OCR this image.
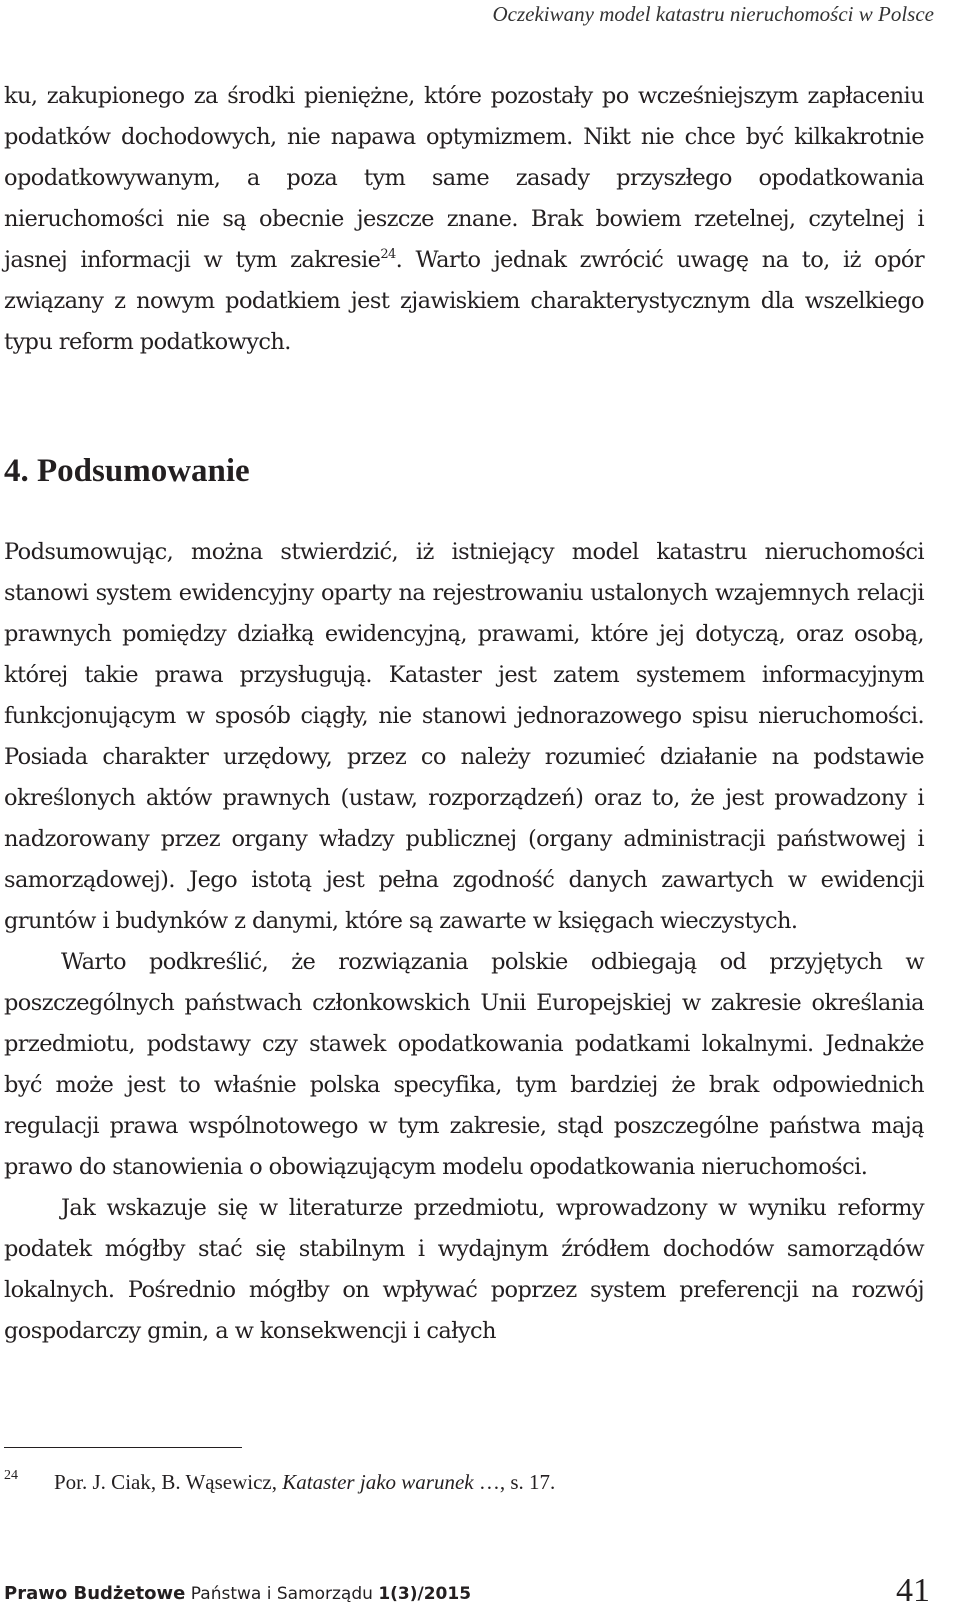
Oczekiwany model katastru nieruchomości w Polsce

ku, zakupionego za środki pieniężne, które pozostały po wcześniejszym zapłaceniu podatków dochodowych, nie napawa optymizmem. Nikt nie chce być kilkakrotnie opodatkowywanym, a poza tym same zasady przyszłego opodatkowania nieruchomości nie są obecnie jeszcze znane. Brak bowiem rzetelnej, czytelnej i jasnej informacji w tym zakresie$^{24}$. Warto jednak zwrócić uwagę na to, iż opór związany z nowym podatkiem jest zjawiskiem charakterystycznym dla wszelkiego typu reform podatkowych.

4. Podsumowanie

Podsumowując, można stwierdzić, iż istniejący model katastru nieruchomości stanowi system ewidencyjny oparty na rejestrowaniu ustalonych wzajemnych relacji prawnych pomiędzy działką ewidencyjną, prawami, które jej dotyczą, oraz osobą, której takie prawa przysługują. Kataster jest zatem systemem informacyjnym funkcjonującym w sposób ciągły, nie stanowi jednorazowego spisu nieruchomości. Posiada charakter urzędowy, przez co należy rozumieć działanie na podstawie określonych aktów prawnych (ustaw, rozporządzeń) oraz to, że jest prowadzony i nadzorowany przez organy władzy publicznej (organy administracji państwowej i samorządowej). Jego istotą jest pełna zgodność danych zawartych w ewidencji gruntów i budynków z danymi, które są zawarte w księgach wieczystych.

Warto podkreślić, że rozwiązania polskie odbiegają od przyjętych w poszczególnych państwach członkowskich Unii Europejskiej w zakresie określania przedmiotu, podstawy czy stawek opodatkowania podatkami lokalnymi. Jednakże być może jest to właśnie polska specyfika, tym bardziej że brak odpowiednich regulacji prawa wspólnotowego w tym zakresie, stąd poszczególne państwa mają prawo do stanowienia o obowiązującym modelu opodatkowania nieruchomości.

Jak wskazuje się w literaturze przedmiotu, wprowadzony w wyniku reformy podatek mógłby stać się stabilnym i wydajnym źródłem dochodów samorządów lokalnych. Pośrednio mógłby on wpływać poprzez system preferencji na rozwój gospodarczy gmin, a w konsekwencji i całych

24 Por. J. Ciak, B. Wąsewicz, Kataster jako warunek …, s. 17.
Prawo Budżetowe Państwa i Samorządu 1(3)/2015	41
